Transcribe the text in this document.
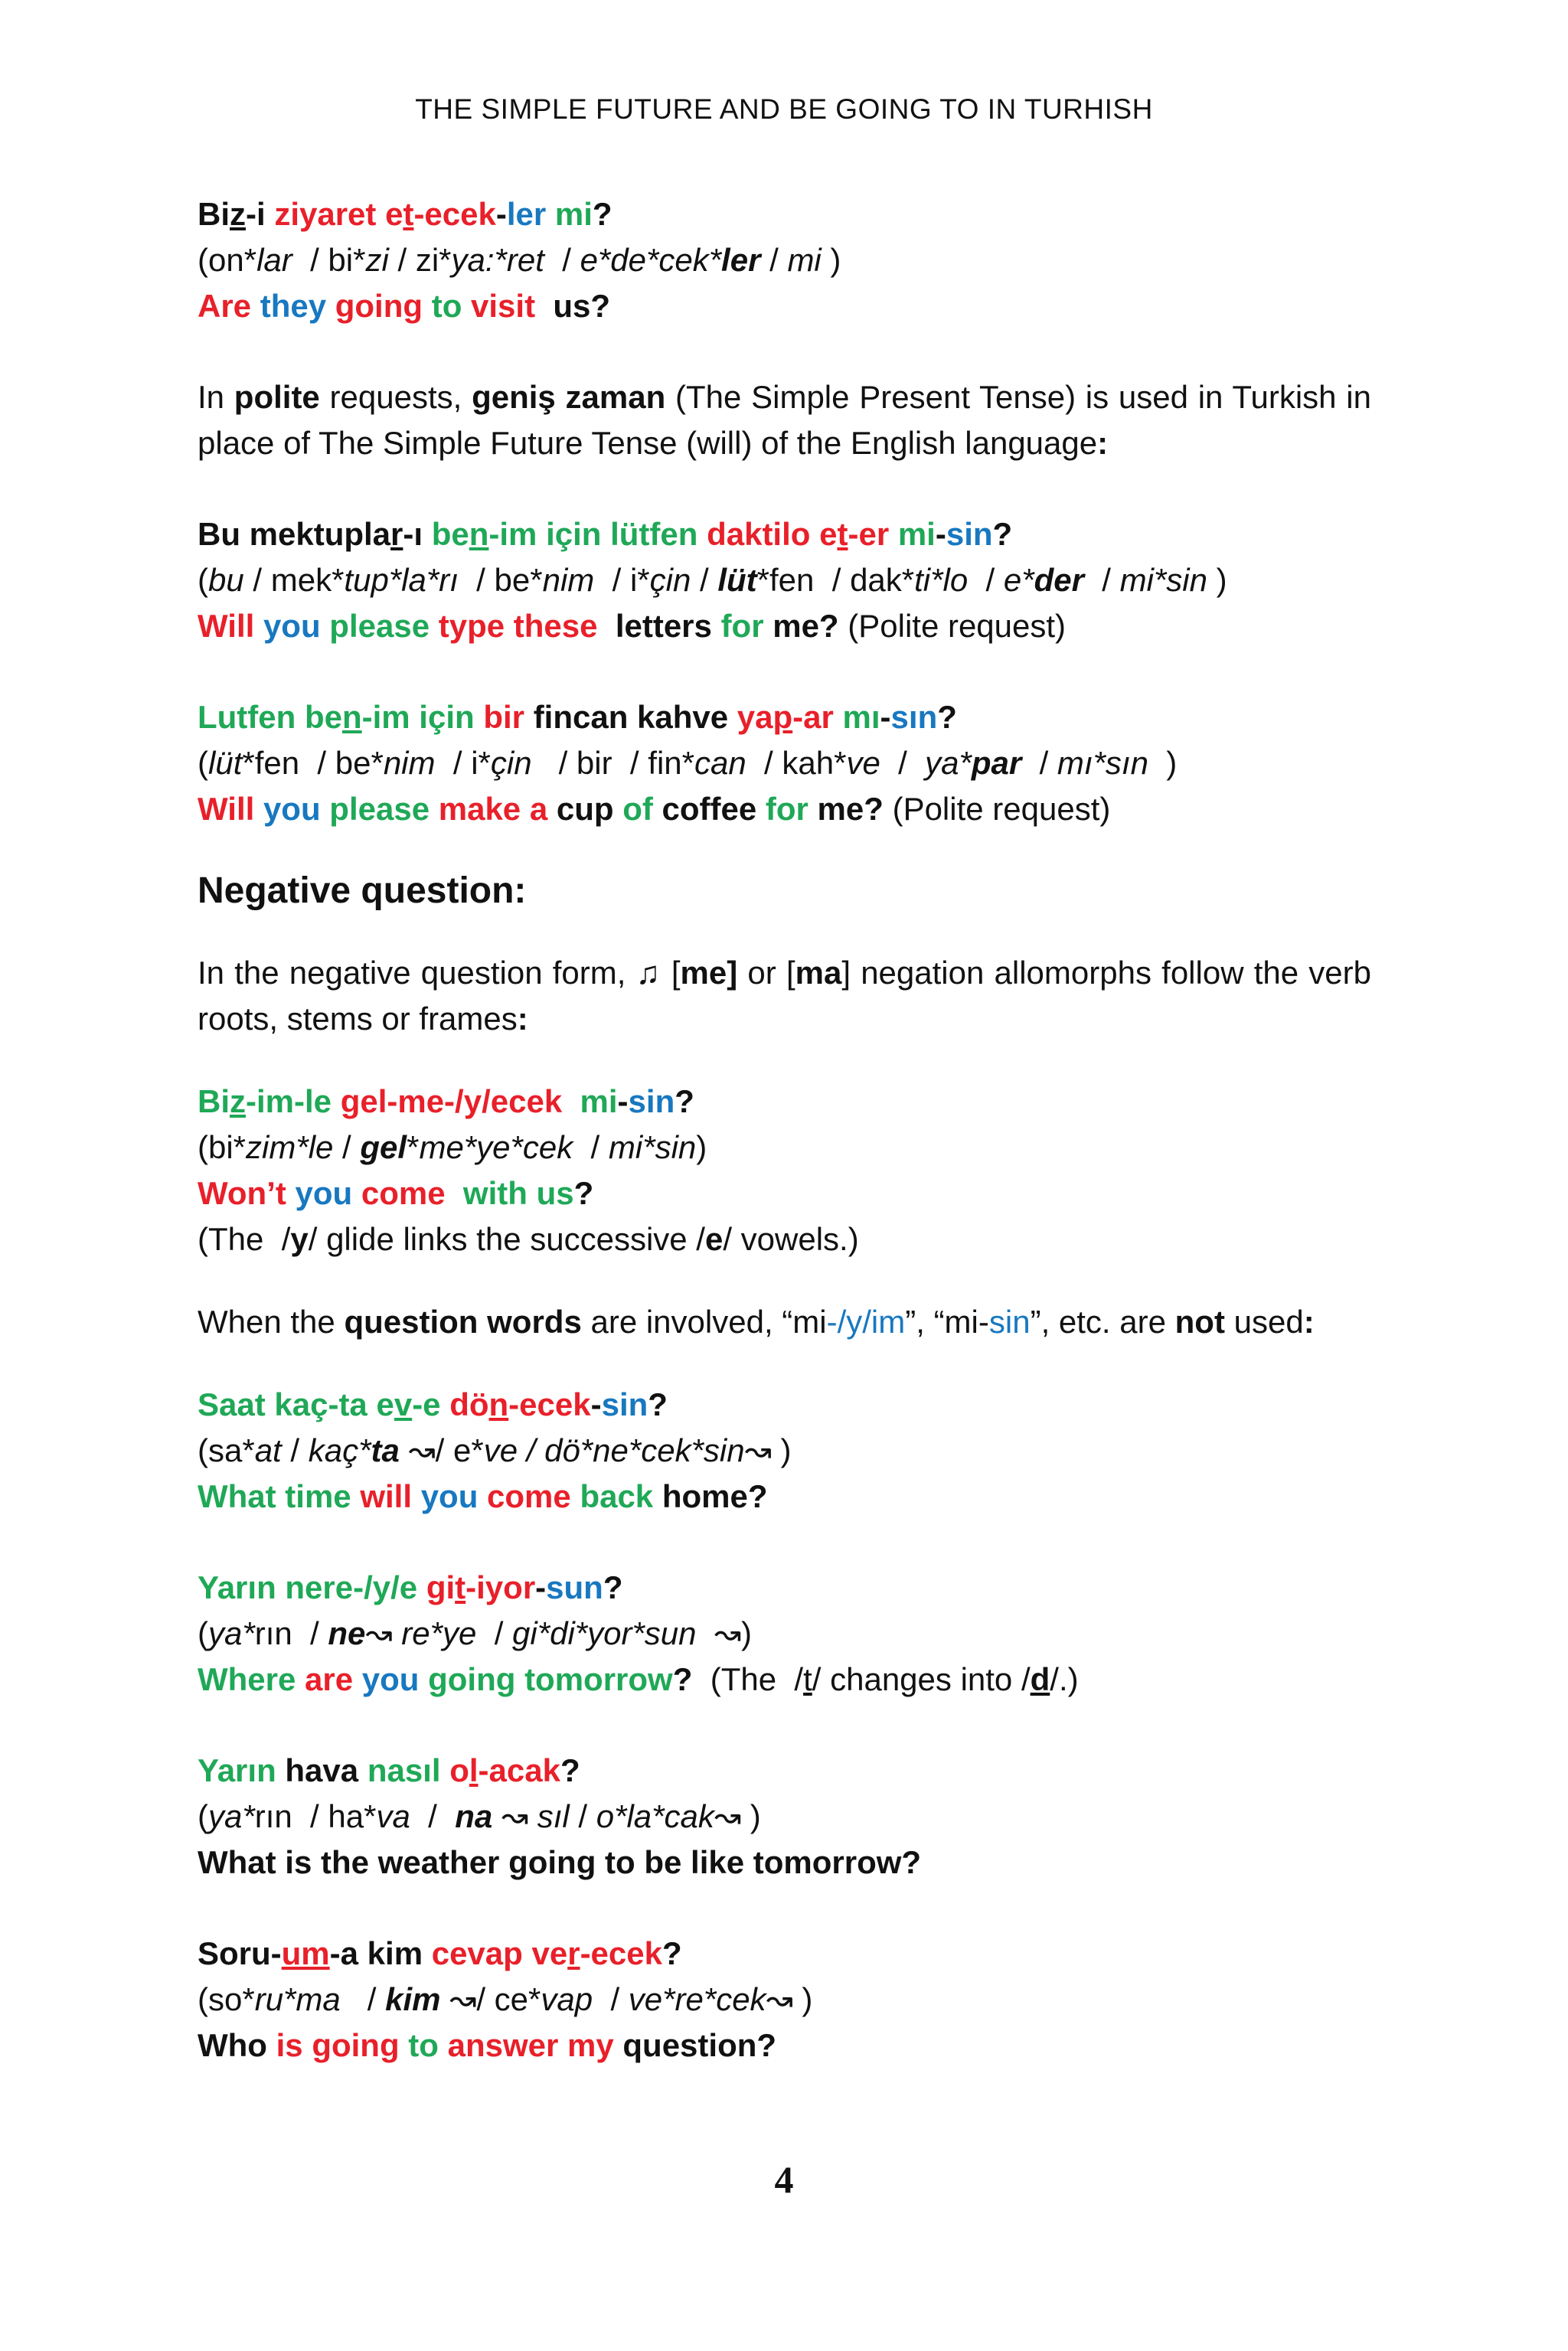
THE SIMPLE FUTURE AND BE GOING TO IN TURHISH
Biz-i ziyaret et-ecek-ler mi?
(on*lar  / bi*zi / zi*ya:*ret  / e*de*cek*ler / mi )
Are they going to visit  us?
In polite requests, geniş zaman (The Simple Present Tense) is used in Turkish in place of The Simple Future Tense (will) of the English language:
Bu mektuplar-ı ben-im için lütfen daktilo et-er mi-sin?
(bu / mek*tup*la*rı  / be*nim  / i*çin / lüt*fen  / dak*ti*lo  / e*der  / mi*sin )
Will you please type these  letters for me? (Polite request)
Lutfen ben-im için bir fincan kahve yap-ar mı-sın?
(lüt*fen  / be*nim  / i*çin   / bir  / fin*can  / kah*ve  /  ya*par  / mı*sın  )
Will you please make a cup of coffee for me? (Polite request)
Negative question:
In the negative question form, ♫ [me] or [ma] negation allomorphs follow the verb roots, stems or frames:
Biz-im-le gel-me-/y/ecek  mi-sin?
(bi*zim*le / gel*me*ye*cek  / mi*sin)
Won’t you come  with us?
(The  /y/ glide links the successive /e/ vowels.)
When the question words are involved, “mi-/y/im”, “mi-sin”, etc. are not used:
Saat kaç-ta ev-e dön-ecek-sin?
(sa*at / kaç*ta ↝/ e*ve / dö*ne*cek*sin↝ )
What time will you come back home?
Yarın nere-/y/e git-iyor-sun?
(ya*rın  / ne↝ re*ye  / gi*di*yor*sun  ↝)
Where are you going tomorrow?  (The  /t/ changes into /d/.)
Yarın hava nasıl ol-acak?
(ya*rın  / ha*va  /  na ↝ sıl / o*la*cak↝ )
What is the weather going to be like tomorrow?
Soru-um-a kim cevap ver-ecek?
(so*ru*ma   / kim ↝/ ce*vap  / ve*re*cek↝ )
Who is going to answer my question?
4
